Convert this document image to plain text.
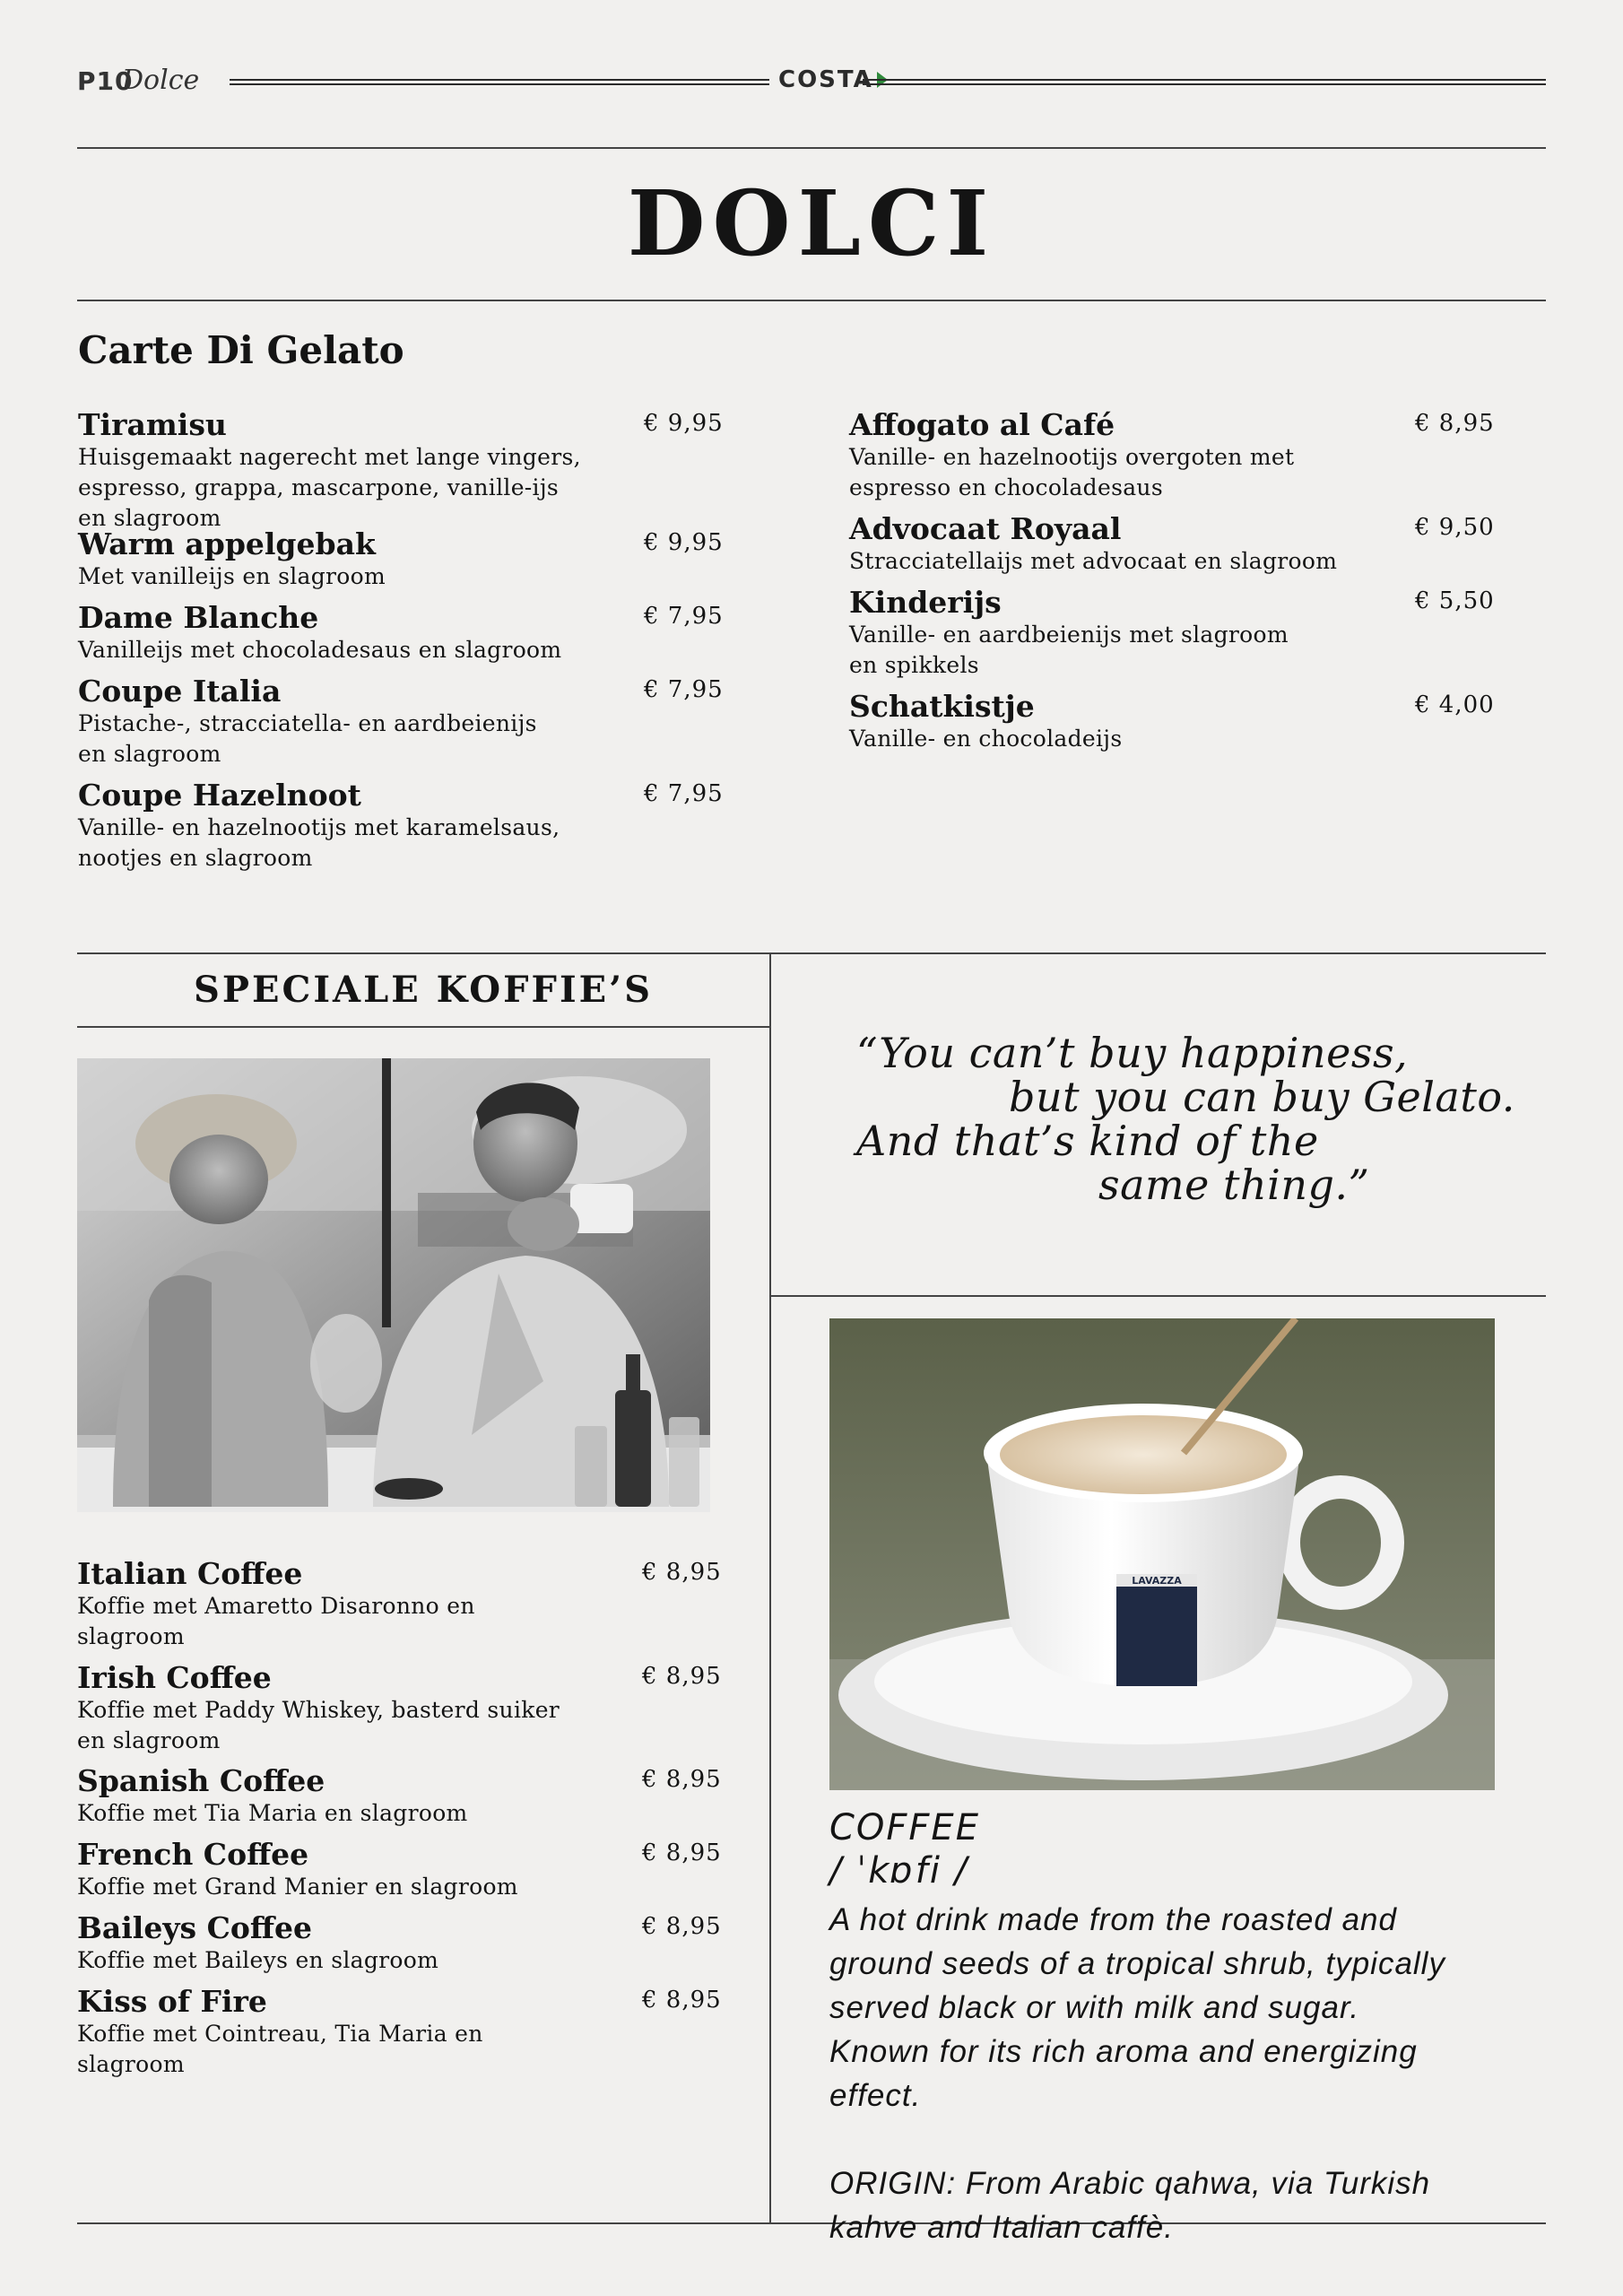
P10
Dolce	COSTA
DOLCI
Carte Di Gelato
Tiramisu
Huisgemaakt nagerecht met lange vingers,
espresso, grappa, mascarpone, vanille-ijs
en slagroom
€ 9,95
Warm appelgebak
Met vanilleijs en slagroom
€ 9,95
Dame Blanche
Vanilleijs met chocoladesaus en slagroom
€ 7,95
Coupe Italia
Pistache-, stracciatella- en aardbeienijs
en slagroom
€ 7,95
Coupe Hazelnoot
Vanille- en hazelnootijs met karamelsaus,
nootjes en slagroom
€ 7,95
Affogato al Café
Vanille- en hazelnootijs overgoten met
espresso en chocoladesaus
€ 8,95
Advocaat Royaal
Stracciatellaijs met advocaat en slagroom
€ 9,50
Kinderijs
Vanille- en aardbeienijs met slagroom
en spikkels
€ 5,50
Schatkistje
Vanille- en chocoladeijs
€ 4,00
SPECIALE KOFFIE’S
Italian Coffee
Koffie met Amaretto Disaronno en
slagroom
€ 8,95
Irish Coffee
Koffie met Paddy Whiskey, basterd suiker
en slagroom
€ 8,95
Spanish Coffee
Koffie met Tia Maria en slagroom
€ 8,95
French Coffee
Koffie met Grand Manier en slagroom
€ 8,95
Baileys Coffee
Koffie met Baileys en slagroom
€ 8,95
Kiss of Fire
Koffie met Cointreau, Tia Maria en
slagroom
€ 8,95
“You can’t buy happiness,
but you can buy Gelato.
And that’s kind of the
same thing.”
LAVAZZA
COFFEE
/ ˈkɒfi /

A hot drink made from the roasted and ground seeds of a tropical shrub, typically served black or with milk and sugar. Known for its rich aroma and energizing effect.

ORIGIN: From Arabic qahwa, via Turkish kahve and Italian caffè.
